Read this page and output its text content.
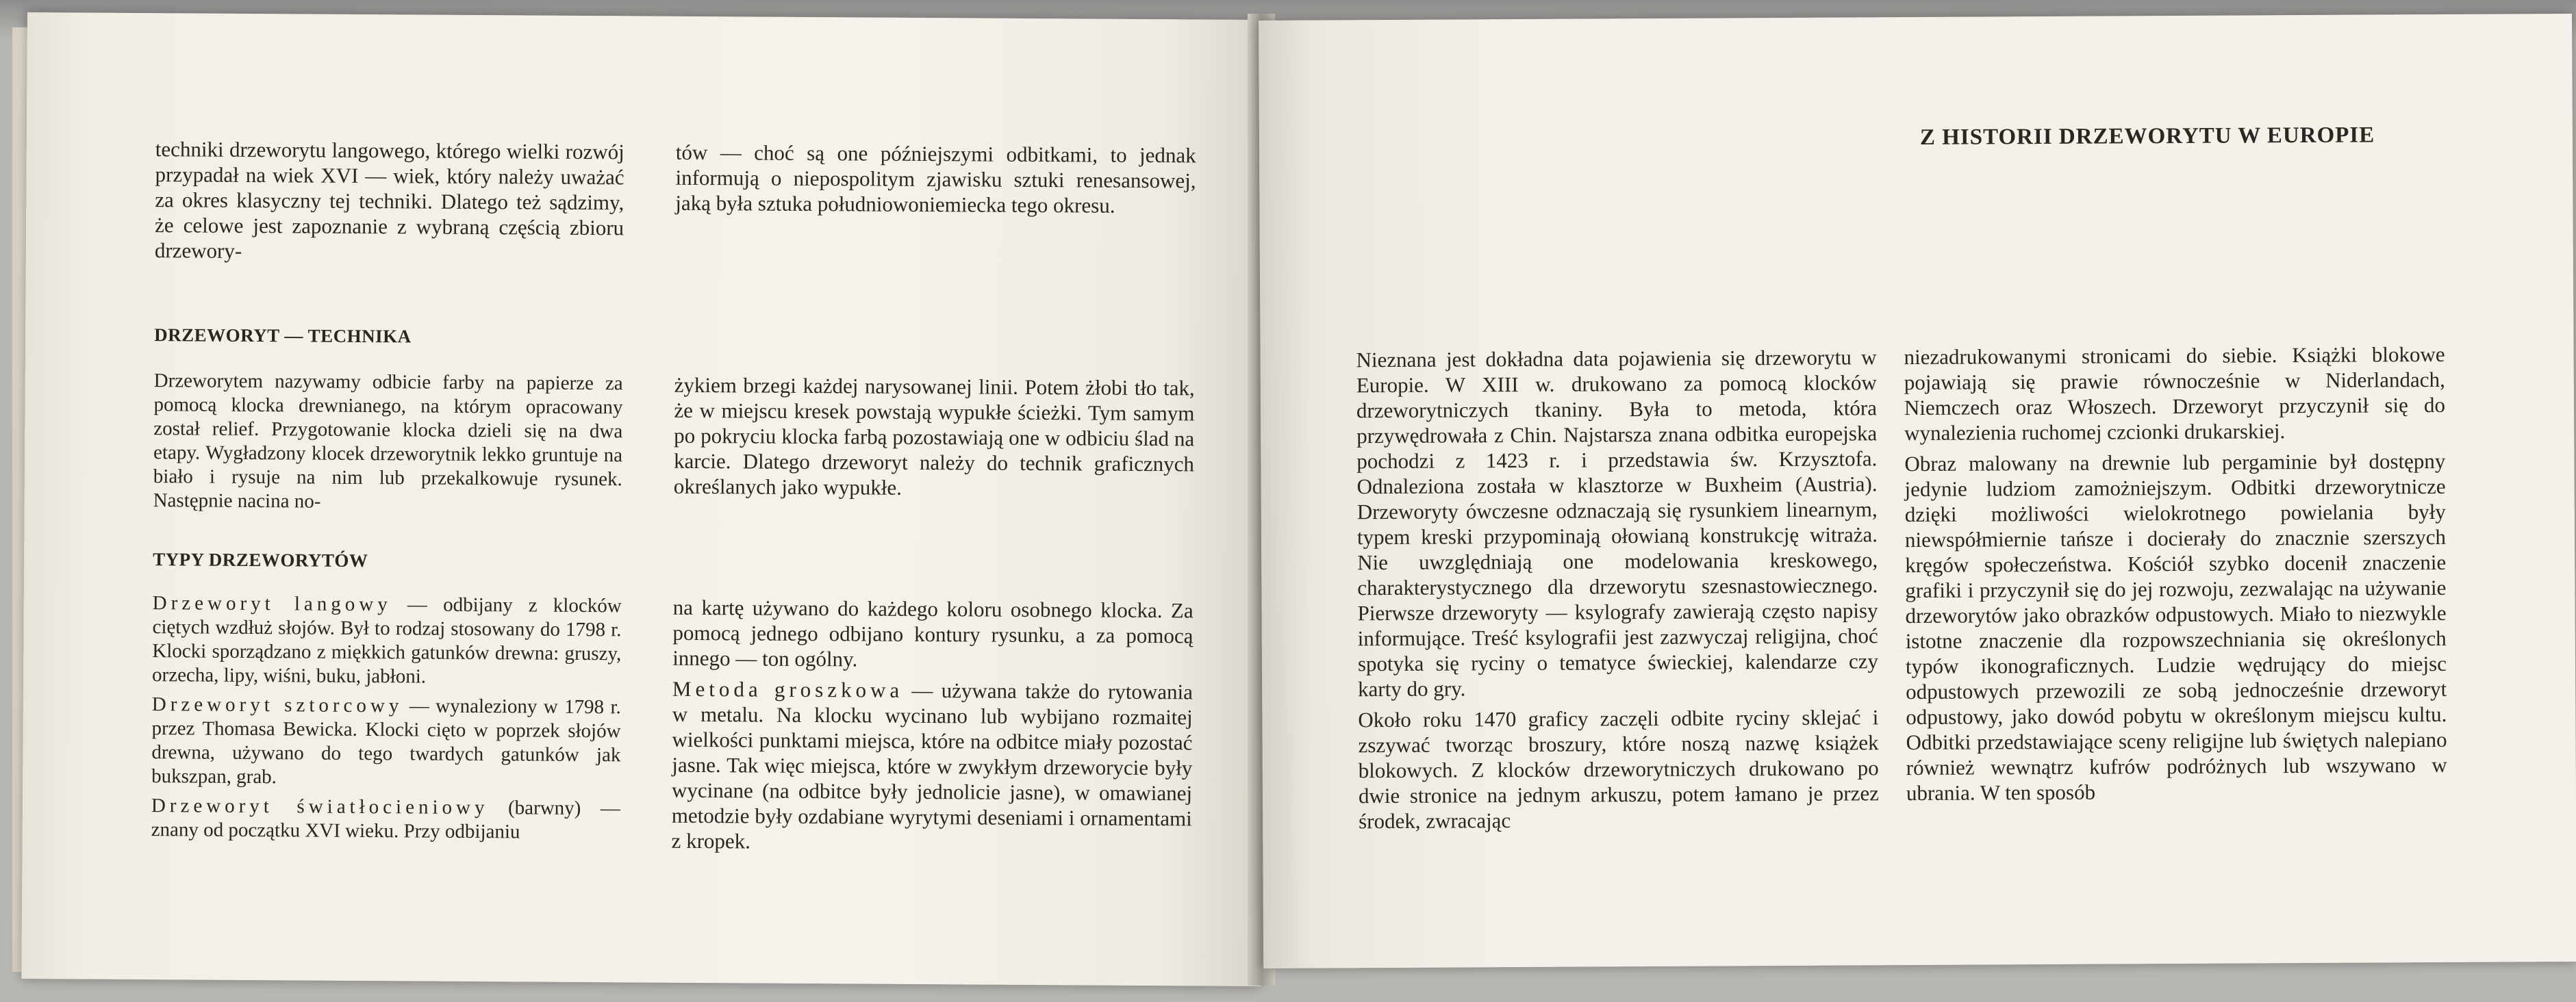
techniki drzeworytu langowego, którego wielki rozwój przypadał na wiek XVI — wiek, który należy uważać za okres klasyczny tej techniki. Dlatego też sądzimy, że celowe jest zapoznanie z wybraną częścią zbioru drzewory-

tów — choć są one późniejszymi odbitkami, to jednak informują o niepospolitym zjawisku sztuki renesansowej, jaką była sztuka południowoniemiecka tego okresu.

DRZEWORYT — TECHNIKA

Drzeworytem nazywamy odbicie farby na papierze za pomocą klocka drewnianego, na którym opracowany został relief. Przygotowanie klocka dzieli się na dwa etapy. Wygładzony klocek drzeworytnik lekko gruntuje na biało i rysuje na nim lub przekalkowuje rysunek. Następnie nacina no-

żykiem brzegi każdej narysowanej linii. Potem żłobi tło tak, że w miejscu kresek powstają wypukłe ścieżki. Tym samym po pokryciu klocka farbą pozostawiają one w odbiciu ślad na karcie. Dlatego drzeworyt należy do technik graficznych określanych jako wypukłe.

TYPY DRZEWORYTÓW

Drzeworyt langowy — odbijany z klocków ciętych wzdłuż słojów. Był to rodzaj stosowany do 1798 r. Klocki sporządzano z miękkich gatunków drewna: gruszy, orzecha, lipy, wiśni, buku, jabłoni.

Drzeworyt sztorcowy — wynaleziony w 1798 r. przez Thomasa Bewicka. Klocki cięto w poprzek słojów drewna, używano do tego twardych gatunków jak bukszpan, grab.

Drzeworyt światłocieniowy (barwny) — znany od początku XVI wieku. Przy odbijaniu

na kartę używano do każdego koloru osobnego klocka. Za pomocą jednego odbijano kontury rysunku, a za pomocą innego — ton ogólny.

Metoda groszkowa — używana także do rytowania w metalu. Na klocku wycinano lub wybijano rozmaitej wielkości punktami miejsca, które na odbitce miały pozostać jasne. Tak więc miejsca, które w zwykłym drzeworycie były wycinane (na odbitce były jednolicie jasne), w omawianej metodzie były ozdabiane wyrytymi deseniami i ornamentami z kropek.

Z HISTORII DRZEWORYTU W EUROPIE

Nieznana jest dokładna data pojawienia się drzeworytu w Europie. W XIII w. drukowano za pomocą klocków drzeworytniczych tkaniny. Była to metoda, która przywędrowała z Chin. Najstarsza znana odbitka europejska pochodzi z 1423 r. i przedstawia św. Krzysztofa. Odnaleziona została w klasztorze w Buxheim (Austria). Drzeworyty ówczesne odznaczają się rysunkiem linearnym, typem kreski przypominają ołowianą konstrukcję witraża. Nie uwzględniają one modelowania kreskowego, charakterystycznego dla drzeworytu szesnastowiecznego. Pierwsze drzeworyty — ksylografy zawierają często napisy informujące. Treść ksylografii jest zazwyczaj religijna, choć spotyka się ryciny o tematyce świeckiej, kalendarze czy karty do gry.

Około roku 1470 graficy zaczęli odbite ryciny sklejać i zszywać tworząc broszury, które noszą nazwę książek blokowych. Z klocków drzeworytniczych drukowano po dwie stronice na jednym arkuszu, potem łamano je przez środek, zwracając

niezadrukowanymi stronicami do siebie. Książki blokowe pojawiają się prawie równocześnie w Niderlandach, Niemczech oraz Włoszech. Drzeworyt przyczynił się do wynalezienia ruchomej czcionki drukarskiej.

Obraz malowany na drewnie lub pergaminie był dostępny jedynie ludziom zamożniejszym. Odbitki drzeworytnicze dzięki możliwości wielokrotnego powielania były niewspółmiernie tańsze i docierały do znacznie szerszych kręgów społeczeństwa. Kościół szybko docenił znaczenie grafiki i przyczynił się do jej rozwoju, zezwalając na używanie drzeworytów jako obrazków odpustowych. Miało to niezwykle istotne znaczenie dla rozpowszechniania się określonych typów ikonograficznych. Ludzie wędrujący do miejsc odpustowych przewozili ze sobą jednocześnie drzeworyt odpustowy, jako dowód pobytu w określonym miejscu kultu. Odbitki przedstawiające sceny religijne lub świętych nalepiano również wewnątrz kufrów podróżnych lub wszywano w ubrania. W ten sposób
